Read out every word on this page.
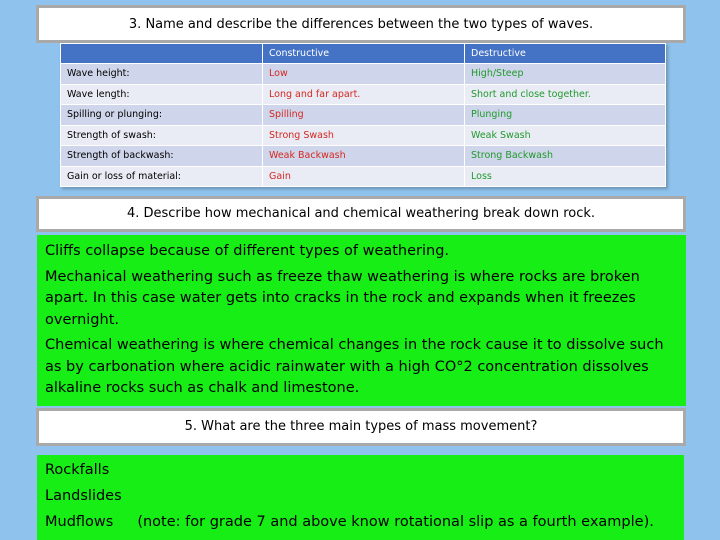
3. Name and describe the differences between the two types of waves.
	Constructive	Destructive
Wave height:	Low	High/Steep
Wave length:	Long and far apart.	Short and close together.
Spilling or plunging:	Spilling	Plunging
Strength of swash:	Strong Swash	Weak Swash
Strength of backwash:	Weak Backwash	Strong Backwash
Gain or loss of material:	Gain	Loss
4. Describe how mechanical and chemical weathering break down rock.

Cliffs collapse because of different types of weathering.

Mechanical weathering such as freeze thaw weathering is where rocks are broken apart. In this case water gets into cracks in the rock and expands when it freezes overnight.

Chemical weathering is where chemical changes in the rock cause it to dissolve such as by carbonation where acidic rainwater with a high CO°2 concentration dissolves alkaline rocks such as chalk and limestone.

5. What are the three main types of mass movement?
Rockfalls
Landslides
Mudflows (note: for grade 7 and above know rotational slip as a fourth example).
